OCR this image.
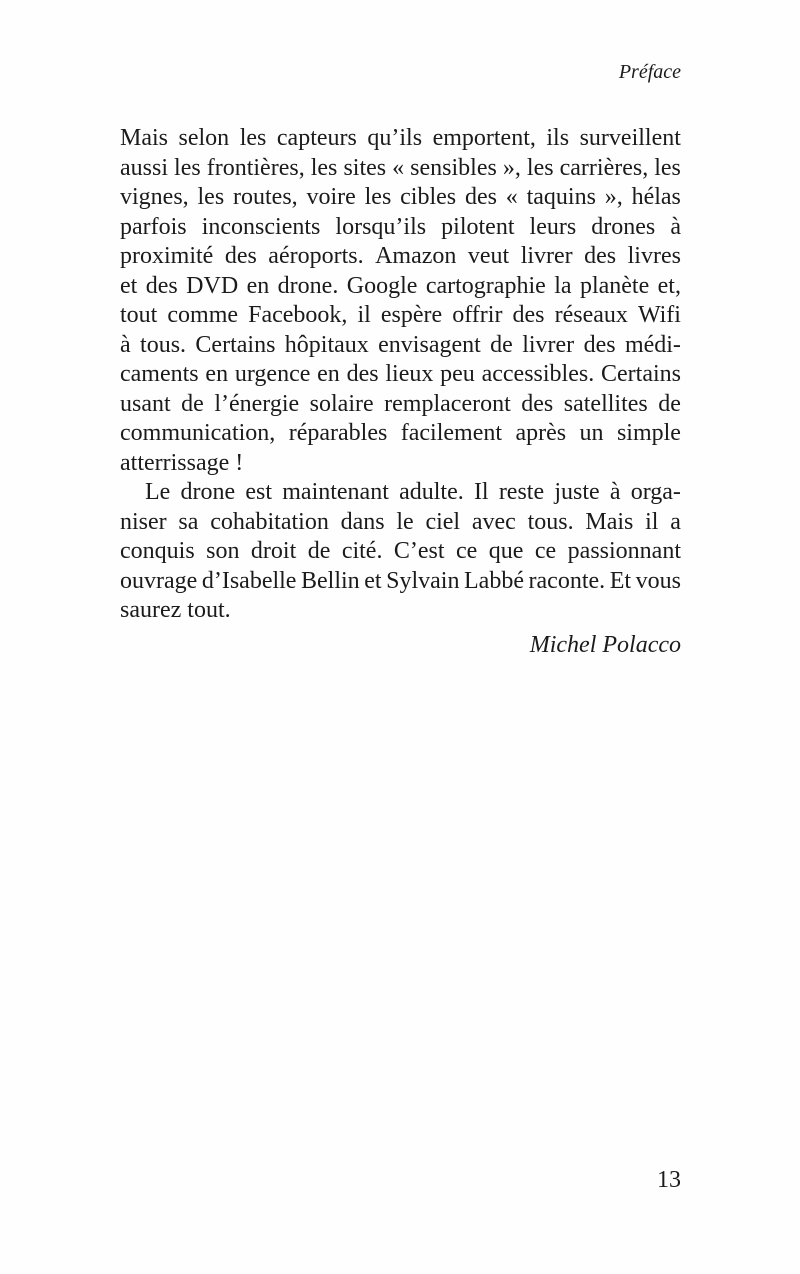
Préface
Mais selon les capteurs qu’ils emportent, ils surveillent
aussi les frontières, les sites « sensibles », les carrières, les
vignes, les routes, voire les cibles des « taquins », hélas
parfois inconscients lorsqu’ils pilotent leurs drones à
proximité des aéroports. Amazon veut livrer des livres
et des DVD en drone. Google cartographie la planète et,
tout comme Facebook, il espère offrir des réseaux Wifi
à tous. Certains hôpitaux envisagent de livrer des médi-
caments en urgence en des lieux peu accessibles. Certains
usant de l’énergie solaire remplaceront des satellites de
communication, réparables facilement après un simple
atterrissage !
Le drone est maintenant adulte. Il reste juste à orga-
niser sa cohabitation dans le ciel avec tous. Mais il a
conquis son droit de cité. C’est ce que ce passionnant
ouvrage d’Isabelle Bellin et Sylvain Labbé raconte. Et vous
saurez tout.
Michel Polacco
13
